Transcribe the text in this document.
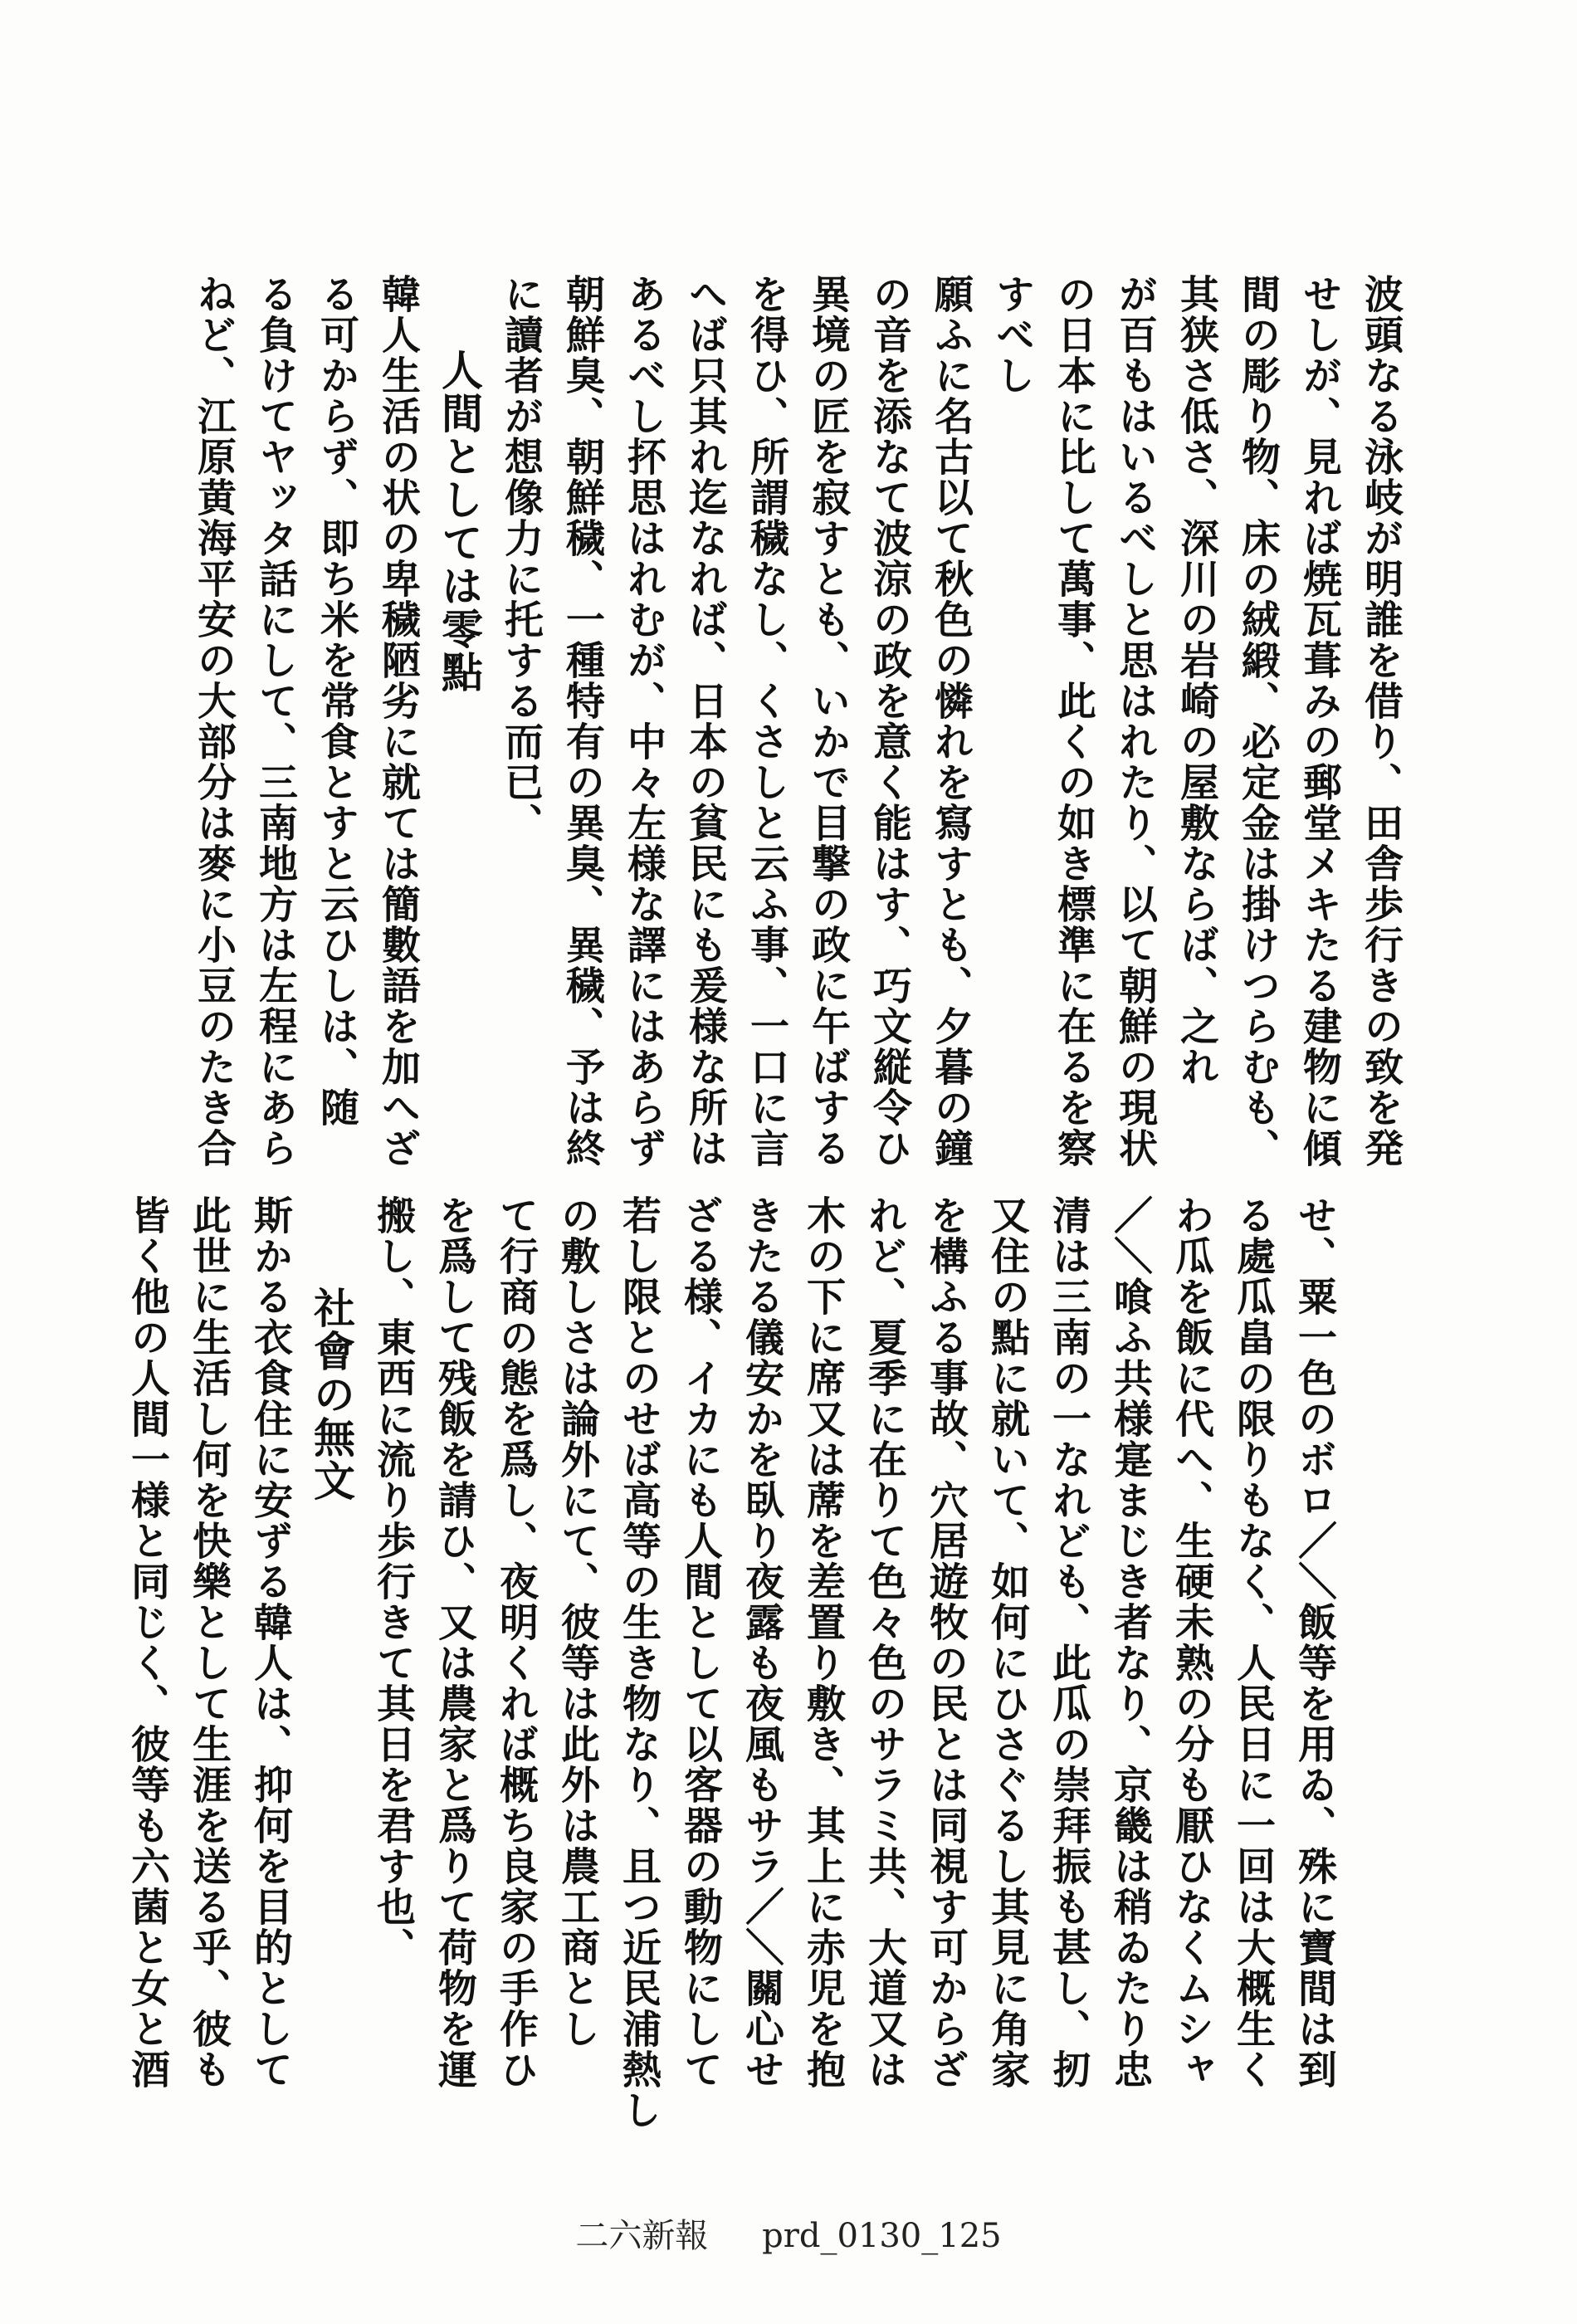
波頭なる泳岐が明誰を借り、田舎歩行きの致を発
せしが、見れば焼瓦葺みの郵堂メキたる建物に傾
間の彫り物、床の絨緞、必定金は掛けつらむも、
其狭さ低さ、深川の岩崎の屋敷ならば、之れ
が百もはいるべしと思はれたり、以て朝鮮の現状
の日本に比して萬事、此くの如き標準に在るを察
すべし
願ふに名古以て秋色の憐れを寫すとも、夕暮の鐘
の音を添なて波涼の政を意く能はす、巧文縦令ひ
異境の匠を寂すとも、いかで目撃の政に午ばする
を得ひ、所謂穢なし、くさしと云ふ事、一口に言
へば只其れ迄なれば、日本の貧民にも爰様な所は
あるべし抔思はれむが、中々左様な譯にはあらず
朝鮮臭、朝鮮穢、一種特有の異臭、異穢、予は終
に讀者が想像力に托する而已、
人間としては零點
韓人生活の状の卑穢陋劣に就ては簡數語を加へざ
る可からず、即ち米を常食とすと云ひしは、随
る負けてヤッタ話にして、三南地方は左程にあら
ねど、江原黄海平安の大部分は麥に小豆のたき合
せ、粟一色のボロ／＼飯等を用ゐ、殊に寶間は到
る處瓜畠の限りもなく、人民日に一回は大概生く
わ瓜を飯に代へ、生硬未熟の分も厭ひなくムシャ
／＼喰ふ共様寔まじき者なり、京畿は稍ゐたり忠
清は三南の一なれども、此瓜の崇拜振も甚し、扨
又住の點に就いて、如何にひさぐるし其見に角家
を構ふる事故、穴居遊牧の民とは同視す可からざ
れど、夏季に在りて色々色のサラミ共、大道又は
木の下に席又は蓆を差置り敷き、其上に赤児を抱
きたる儀安かを臥り夜露も夜風もサラ／＼關心せ
ざる様、イカにも人間として以客器の動物にして
若し限とのせば高等の生き物なり、且つ近民浦熱し
の敷しさは論外にて、彼等は此外は農工商とし
て行商の態を爲し、夜明くれば概ち良家の手作ひ
を爲して残飯を請ひ、又は農家と爲りて荷物を運
搬し、東西に流り歩行きて其日を君す也、
社會の無文
斯かる衣食住に安ずる韓人は、抑何を目的として
此世に生活し何を快樂として生涯を送る乎、彼も
皆く他の人間一様と同じく、彼等も六菌と女と酒
二六新報 prd_0130_125
